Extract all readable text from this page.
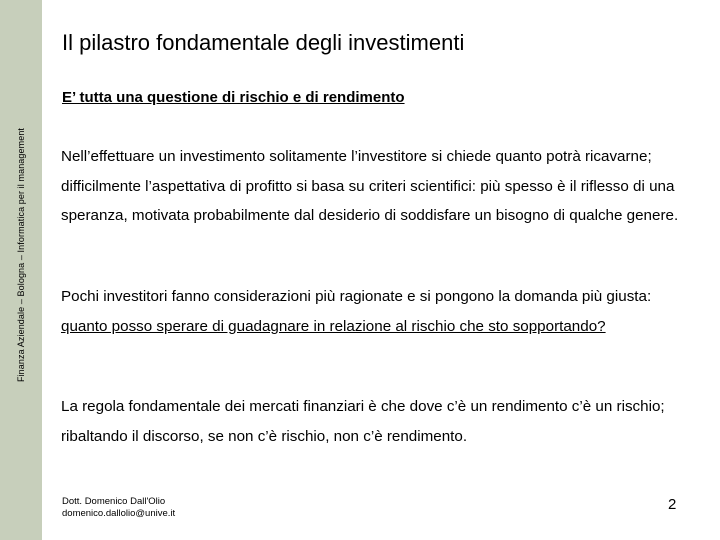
Finanza Aziendale – Bologna – Informatica per il management
Il pilastro fondamentale degli investimenti
E’ tutta una questione di rischio e di rendimento

Nell’effettuare un investimento solitamente l’investitore si chiede quanto potrà ricavarne; difficilmente l’aspettativa di profitto si basa su criteri scientifici: più spesso è il riflesso di una speranza, motivata probabilmente dal desiderio di soddisfare un bisogno di qualche genere.

Pochi investitori fanno considerazioni più ragionate e si pongono la domanda più giusta: quanto posso sperare di guadagnare in relazione al rischio che sto sopportando?

La regola fondamentale dei mercati finanziari è che dove c’è un rendimento c’è un rischio; ribaltando il discorso, se non c’è rischio, non c’è rendimento.

Dott. Domenico Dall'Olio
domenico.dallolio@unive.it
2
